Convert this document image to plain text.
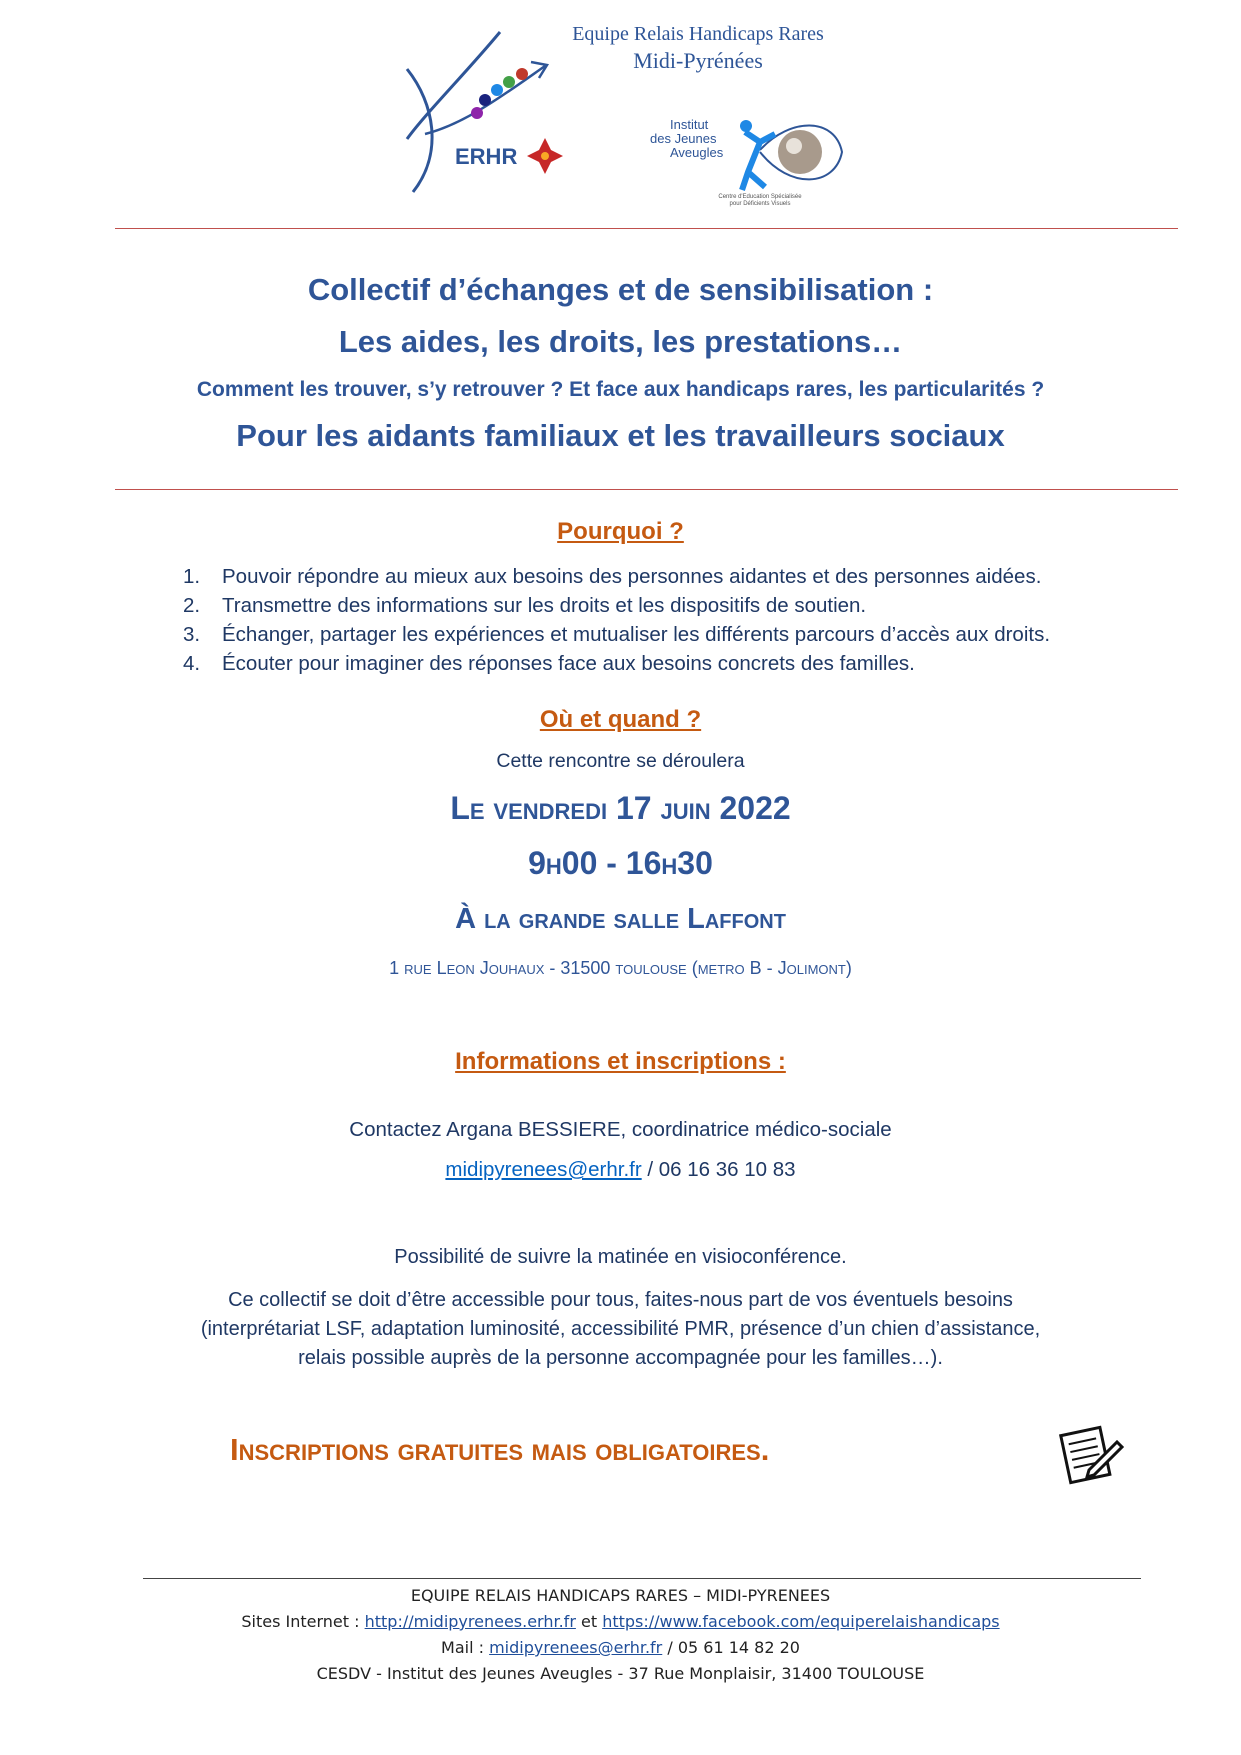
ERHR
Equipe Relais Handicaps Rares
Midi-Pyrénées
Institut
des Jeunes
Aveugles
Centre d'Education Spécialisée
pour Déficients Visuels
Collectif d’échanges et de sensibilisation :
Les aides, les droits, les prestations…
Comment les trouver, s’y retrouver ? Et face aux handicaps rares, les particularités ?
Pour les aidants familiaux et les travailleurs sociaux
Pourquoi ?
1. Pouvoir répondre au mieux aux besoins des personnes aidantes et des personnes aidées.
2. Transmettre des informations sur les droits et les dispositifs de soutien.
3. Échanger, partager les expériences et mutualiser les différents parcours d’accès aux droits.
4. Écouter pour imaginer des réponses face aux besoins concrets des familles.
Où et quand ?
Cette rencontre se déroulera
Le vendredi 17 juin 2022
9h00 - 16h30
À la grande salle Laffont
1 rue Leon Jouhaux - 31500 toulouse (metro B - Jolimont)
Informations et inscriptions :
Contactez Argana BESSIERE, coordinatrice médico-sociale
midipyrenees@erhr.fr / 06 16 36 10 83
Possibilité de suivre la matinée en visioconférence.
Ce collectif se doit d’être accessible pour tous, faites-nous part de vos éventuels besoins
(interprétariat LSF, adaptation luminosité, accessibilité PMR, présence d’un chien d’assistance,
relais possible auprès de la personne accompagnée pour les familles…).
Inscriptions gratuites mais obligatoires.
EQUIPE RELAIS HANDICAPS RARES – MIDI-PYRENEES
Sites Internet : http://midipyrenees.erhr.fr et https://www.facebook.com/equiperelaishandicaps
Mail : midipyrenees@erhr.fr / 05 61 14 82 20
CESDV - Institut des Jeunes Aveugles - 37 Rue Monplaisir, 31400 TOULOUSE
